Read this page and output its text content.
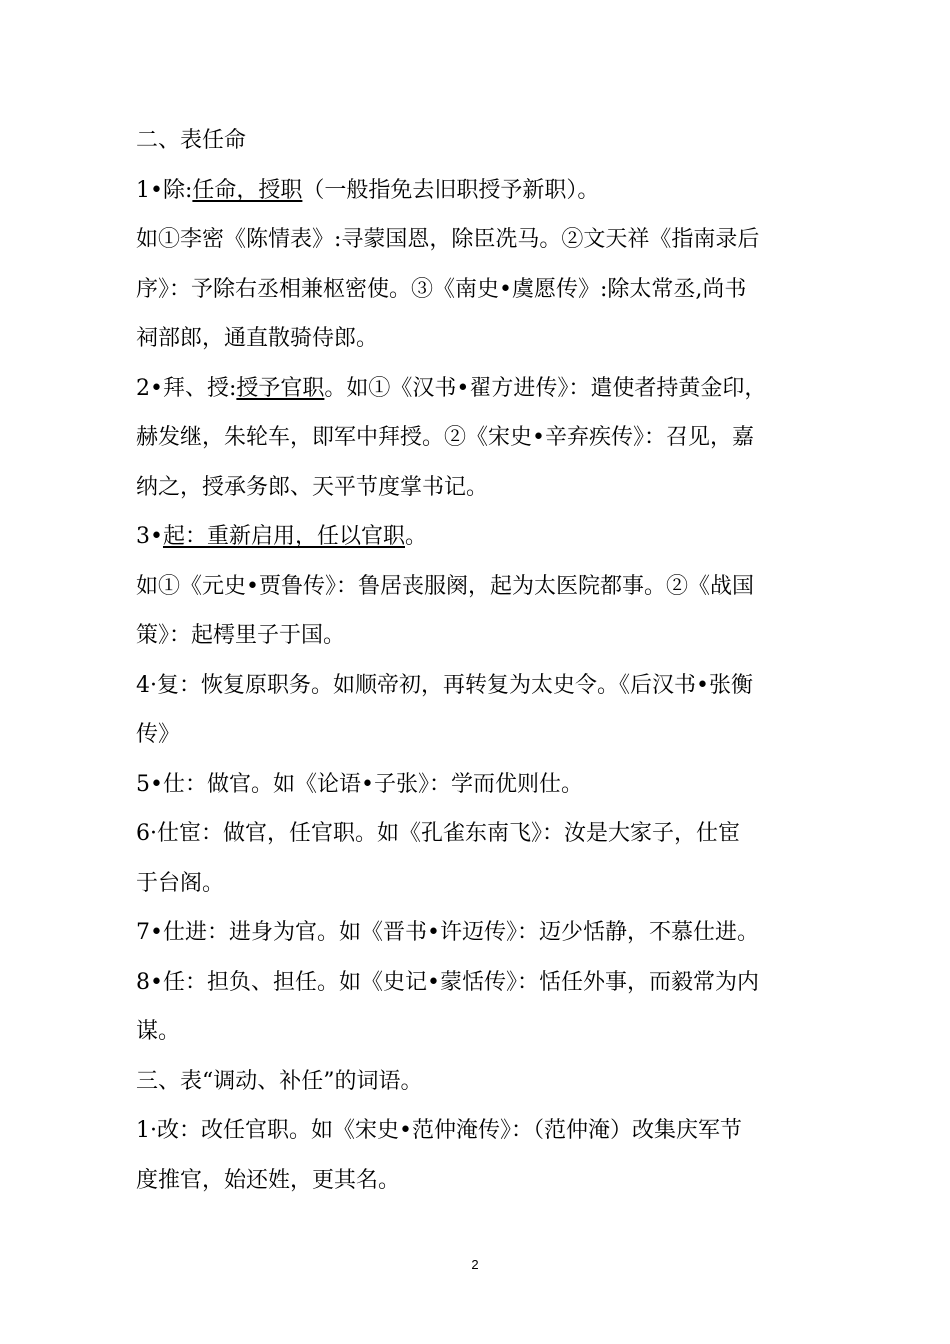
二、表任命
1•除:任命，授职（一般指免去旧职授予新职）。
如①李密《陈情表》:寻蒙国恩，除臣冼马。②文天祥《指南录后
序》：予除右丞相兼枢密使。③《南史•虞愿传》:除太常丞,尚书
祠部郎，通直散骑侍郎。
2•拜、授:授予官职。如①《汉书•翟方进传》：遣使者持黄金印，
赫发继，朱轮车，即军中拜授。②《宋史•辛弃疾传》：召见，嘉
纳之，授承务郎、天平节度掌书记。
3•起：重新启用，任以官职。
如①《元史•贾鲁传》：鲁居丧服阕，起为太医院都事。②《战国
策》：起樗里子于国。
4·复：恢复原职务。如顺帝初，再转复为太史令。《后汉书•张衡
传》
5•仕：做官。如《论语•子张》：学而优则仕。
6·仕宦：做官，任官职。如《孔雀东南飞》：汝是大家子，仕宦
于台阁。
7•仕进：进身为官。如《晋书•许迈传》：迈少恬静，不慕仕进。
8•任：担负、担任。如《史记•蒙恬传》：恬任外事，而毅常为内
谋。
三、表“调动、补任”的词语。
1·改：改任官职。如《宋史•范仲淹传》：（范仲淹）改集庆军节
度推官，始还姓，更其名。
2
